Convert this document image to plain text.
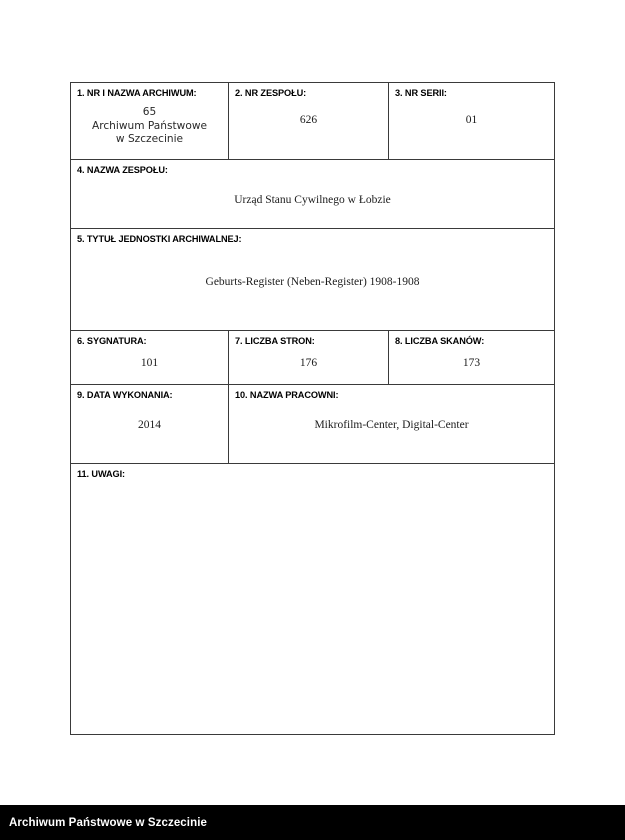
1. NR I NAZWA ARCHIWUM:
65
Archiwum Państwowe
w Szczecinie	2. NR ZESPOŁU:
626	3. NR SERII:
01

4. NAZWA ZESPOŁU:
Urząd Stanu Cywilnego w Łobzie		

5. TYTUŁ JEDNOSTKI ARCHIWALNEJ:
Geburts-Register (Neben-Register) 1908-1908		

6. SYGNATURA:
101	7. LICZBA STRON:
176	8. LICZBA SKANÓW:
173

9. DATA WYKONANIA:
2014	10. NAZWA PRACOWNI:
Mikrofilm-Center, Digital-Center	

11. UWAGI:		
Archiwum Państwowe w Szczecinie
